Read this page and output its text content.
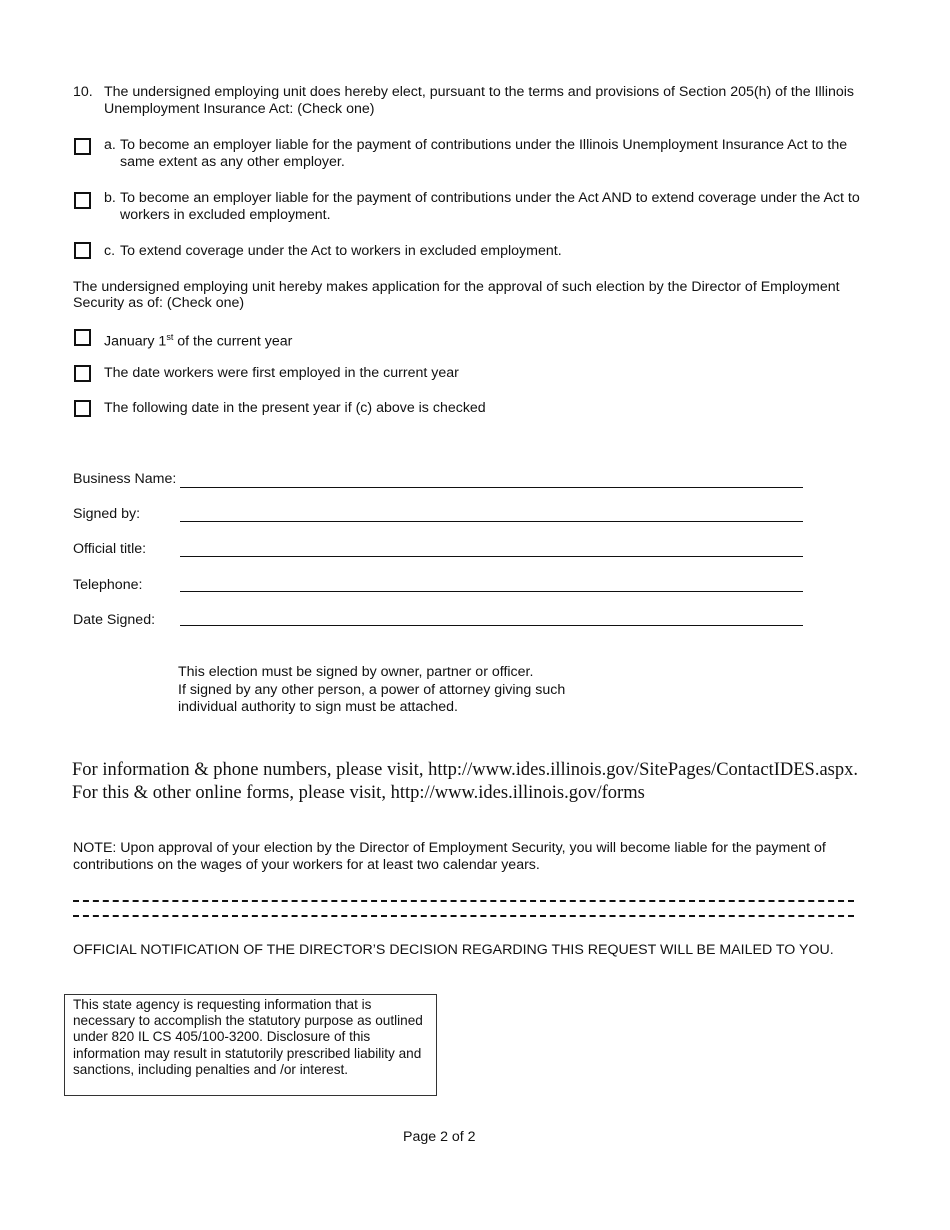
10. The undersigned employing unit does hereby elect, pursuant to the terms and provisions of Section 205(h) of the Illinois Unemployment Insurance Act: (Check one)
a. To become an employer liable for the payment of contributions under the Illinois Unemployment Insurance Act to the same extent as any other employer.
b. To become an employer liable for the payment of contributions under the Act AND to extend coverage under the Act to workers in excluded employment.
c. To extend coverage under the Act to workers in excluded employment.
The undersigned employing unit hereby makes application for the approval of such election by the Director of Employment Security as of: (Check one)
January 1st of the current year
The date workers were first employed in the current year
The following date in the present year if (c) above is checked
Business Name:
Signed by:
Official title:
Telephone:
Date Signed:
This election must be signed by owner, partner or officer.
If signed by any other person, a power of attorney giving such
individual authority to sign must be attached.
For information & phone numbers, please visit, http://www.ides.illinois.gov/SitePages/ContactIDES.aspx.
For this & other online forms, please visit, http://www.ides.illinois.gov/forms
NOTE: Upon approval of your election by the Director of Employment Security, you will become liable for the payment of contributions on the wages of your workers for at least two calendar years.
OFFICIAL NOTIFICATION OF THE DIRECTOR’S DECISION REGARDING THIS REQUEST WILL BE MAILED TO YOU.
This state agency is requesting information that is necessary to accomplish the statutory purpose as outlined under 820 IL CS 405/100-3200. Disclosure of this information may result in statutorily prescribed liability and sanctions, including penalties and /or interest.
Page 2 of 2
